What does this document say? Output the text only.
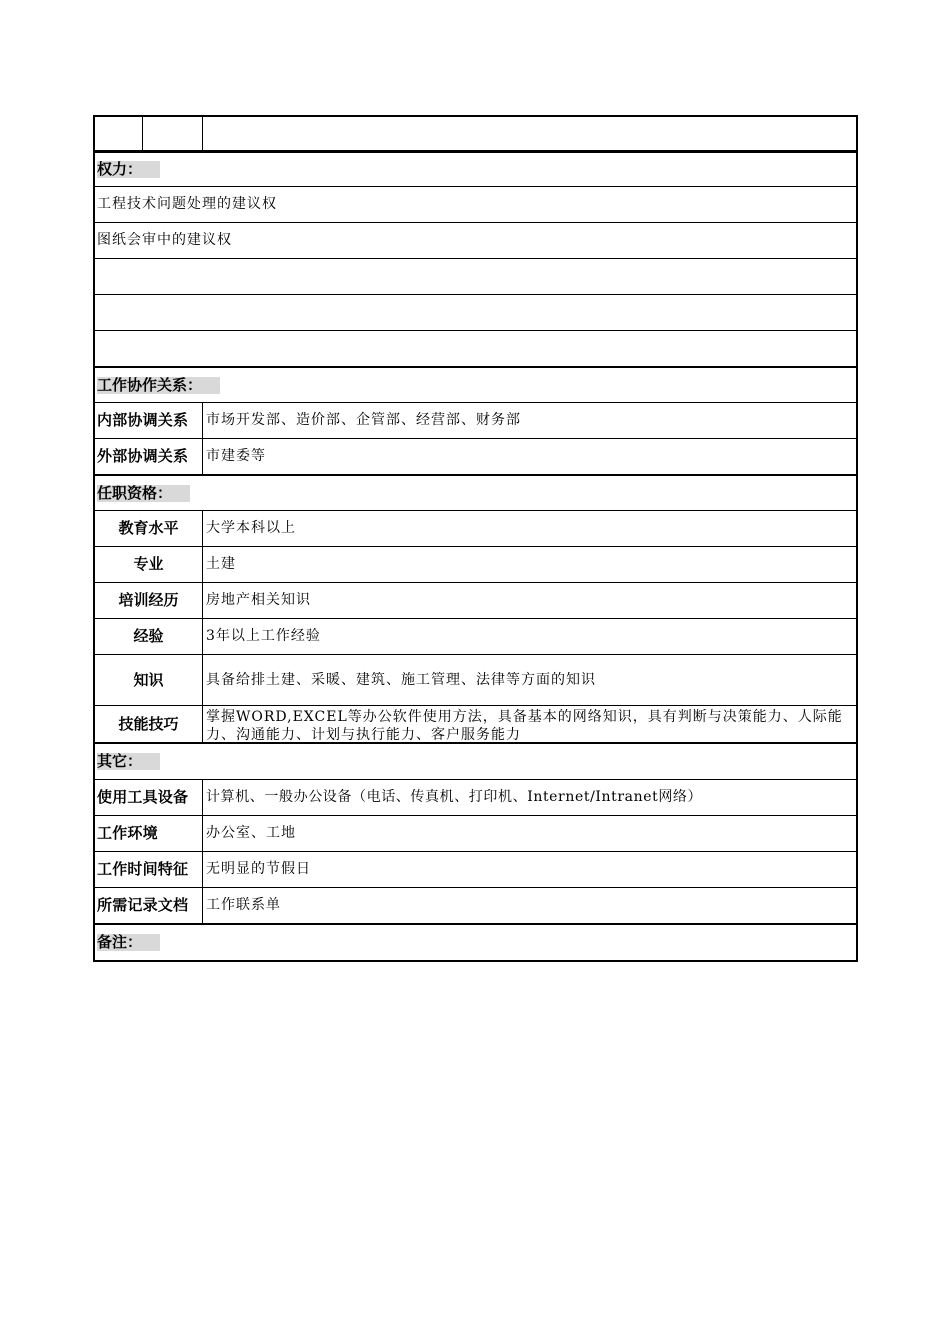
权力：
工程技术问题处理的建议权
图纸会审中的建议权
工作协作关系：
内部协调关系	市场开发部、造价部、企管部、经营部、财务部
外部协调关系	市建委等
任职资格：
教育水平	大学本科以上
专业	土建
培训经历	房地产相关知识
经验	3年以上工作经验
知识	具备给排土建、采暖、建筑、施工管理、法律等方面的知识
技能技巧	掌握WORD,EXCEL等办公软件使用方法，具备基本的网络知识，具有判断与决策能力、人际能力、沟通能力、计划与执行能力、客户服务能力
其它：
使用工具设备	计算机、一般办公设备（电话、传真机、打印机、Internet/Intranet网络）
工作环境	办公室、工地
工作时间特征	无明显的节假日
所需记录文档	工作联系单
备注：
